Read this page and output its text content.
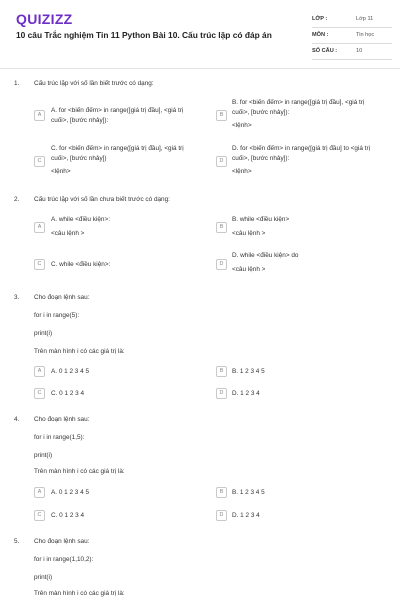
QUIZIZZ
10 câu Trắc nghiệm Tin 11 Python Bài 10. Cấu trúc lặp có đáp án
LỚP :	Lớp 11
MÔN :	Tin học
SỐ CÂU :	10
1. Cấu trúc lặp với số lần biết trước có dạng:
A
A. for <biến đếm> in range([giá trị đầu], <giá trị
cuối>, [bước nhảy]):
B
B. for <biến đếm> in range([giá trị đầu], <giá trị
cuối>, [bước nhảy]):
<lệnh>
C
C. for <biến đếm> in range([giá trị đầu], <giá trị
cuối>, [bước nhảy])
<lệnh>
D
D. for <biến đếm> in range([giá trị đầu] to <giá trị
cuối>, [bước nhảy]):
<lệnh>
2. Cấu trúc lặp với số lần chưa biết trước có dạng:
A
A. while <điều kiện>:
<câu lệnh >
B
B. while <điều kiện>
<câu lệnh >
C	C. while <điều kiện>:	D
D. while <điều kiện> do
<câu lệnh >
3. Cho đoạn lệnh sau:
for i in range(5):
print(i)
Trên màn hình i có các giá trị là:
A	A. 0 1 2 3 4 5	B	B. 1 2 3 4 5
C	C. 0 1 2 3 4	D	D. 1 2 3 4
4. Cho đoạn lệnh sau:
for i in range(1,5):
print(i)
Trên màn hình i có các giá trị là:
A	A. 0 1 2 3 4 5	B	B. 1 2 3 4 5
C	C. 0 1 2 3 4	D	D. 1 2 3 4
5. Cho đoạn lệnh sau:
for i in range(1,10,2):
print(i)
Trên màn hình i có các giá trị là:
